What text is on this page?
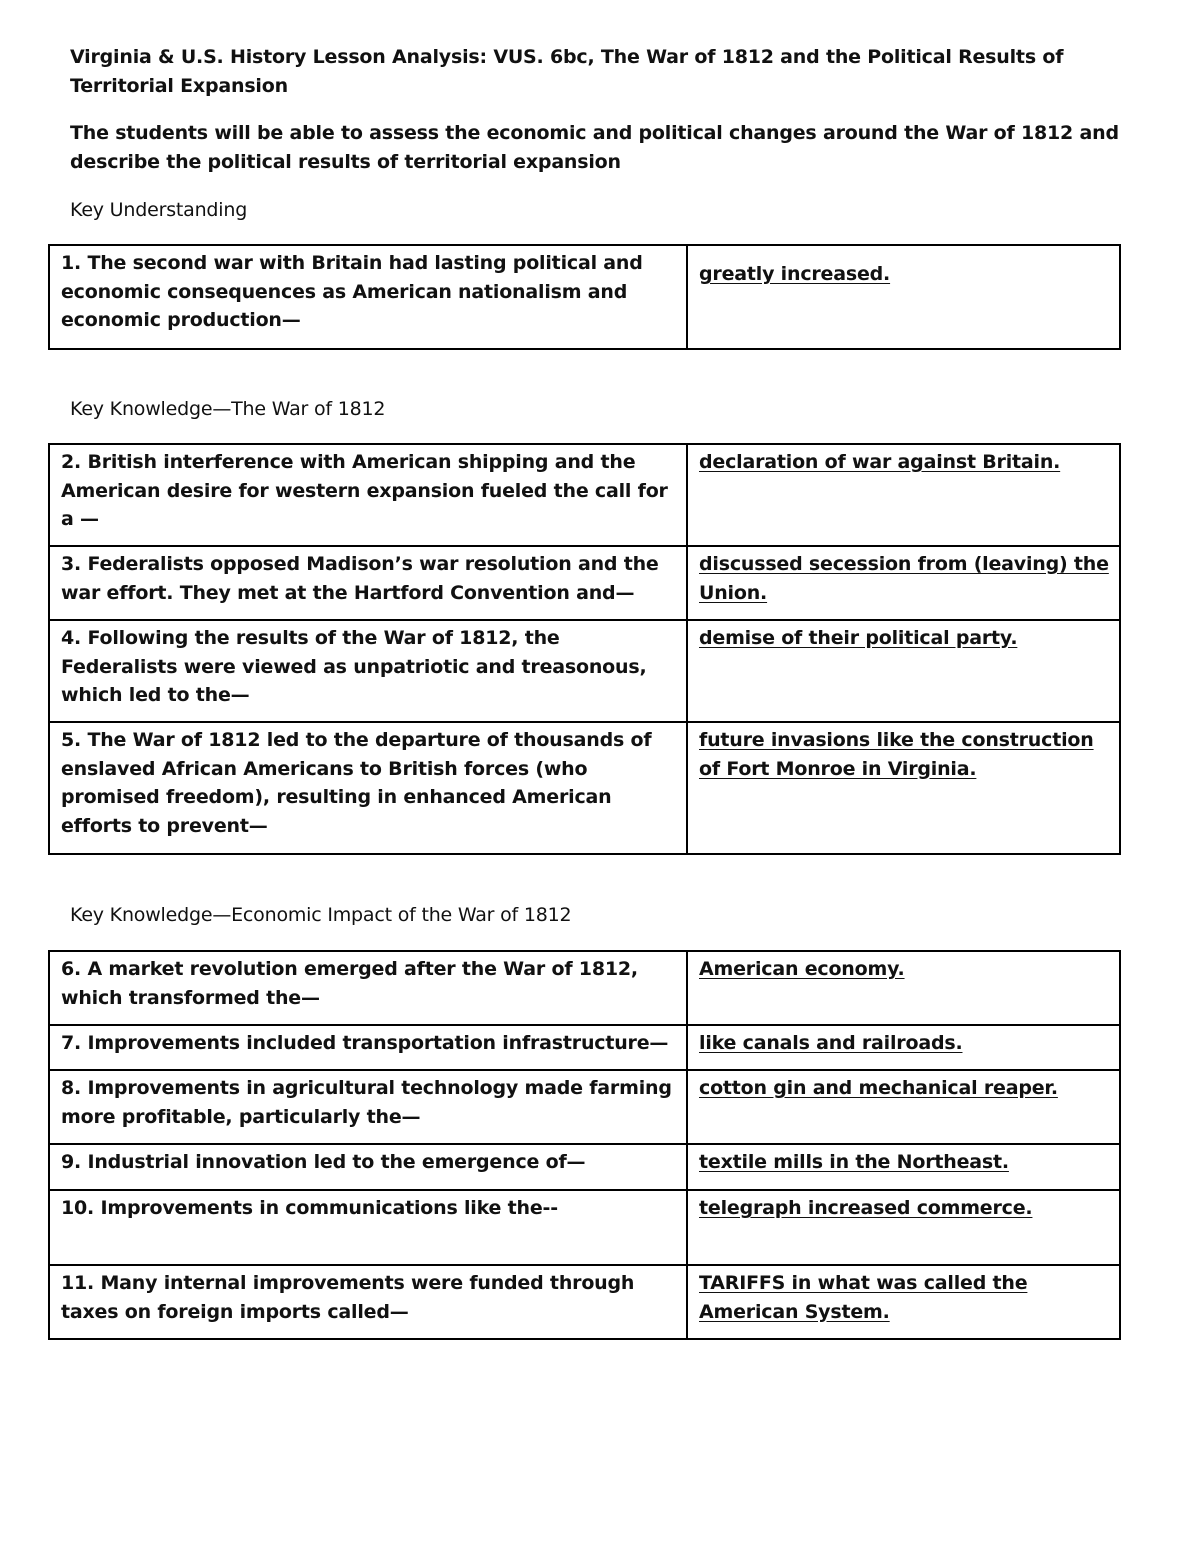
Virginia & U.S. History Lesson Analysis: VUS. 6bc, The War of 1812 and the Political Results of Territorial Expansion
The students will be able to assess the economic and political changes around the War of 1812 and describe the political results of territorial expansion
Key Understanding
1. The second war with Britain had lasting political and economic consequences as American nationalism and economic production—	greatly increased.
Key Knowledge—The War of 1812
2. British interference with American shipping and the American desire for western expansion fueled the call for a —	declaration of war against Britain.
3. Federalists opposed Madison’s war resolution and the war effort. They met at the Hartford Convention and—	discussed secession from (leaving) the Union.
4. Following the results of the War of 1812, the Federalists were viewed as unpatriotic and treasonous, which led to the—	demise of their political party.
5. The War of 1812 led to the departure of thousands of enslaved African Americans to British forces (who promised freedom), resulting in enhanced American efforts to prevent—	future invasions like the construction of Fort Monroe in Virginia.
Key Knowledge—Economic Impact of the War of 1812
6. A market revolution emerged after the War of 1812, which transformed the—	American economy.
7. Improvements included transportation infrastructure—	like canals and railroads.
8. Improvements in agricultural technology made farming more profitable, particularly the—	cotton gin and mechanical reaper.
9. Industrial innovation led to the emergence of—	textile mills in the Northeast.
10. Improvements in communications like the--	telegraph increased commerce.
11. Many internal improvements were funded through taxes on foreign imports called—	TARIFFS in what was called the American System.
